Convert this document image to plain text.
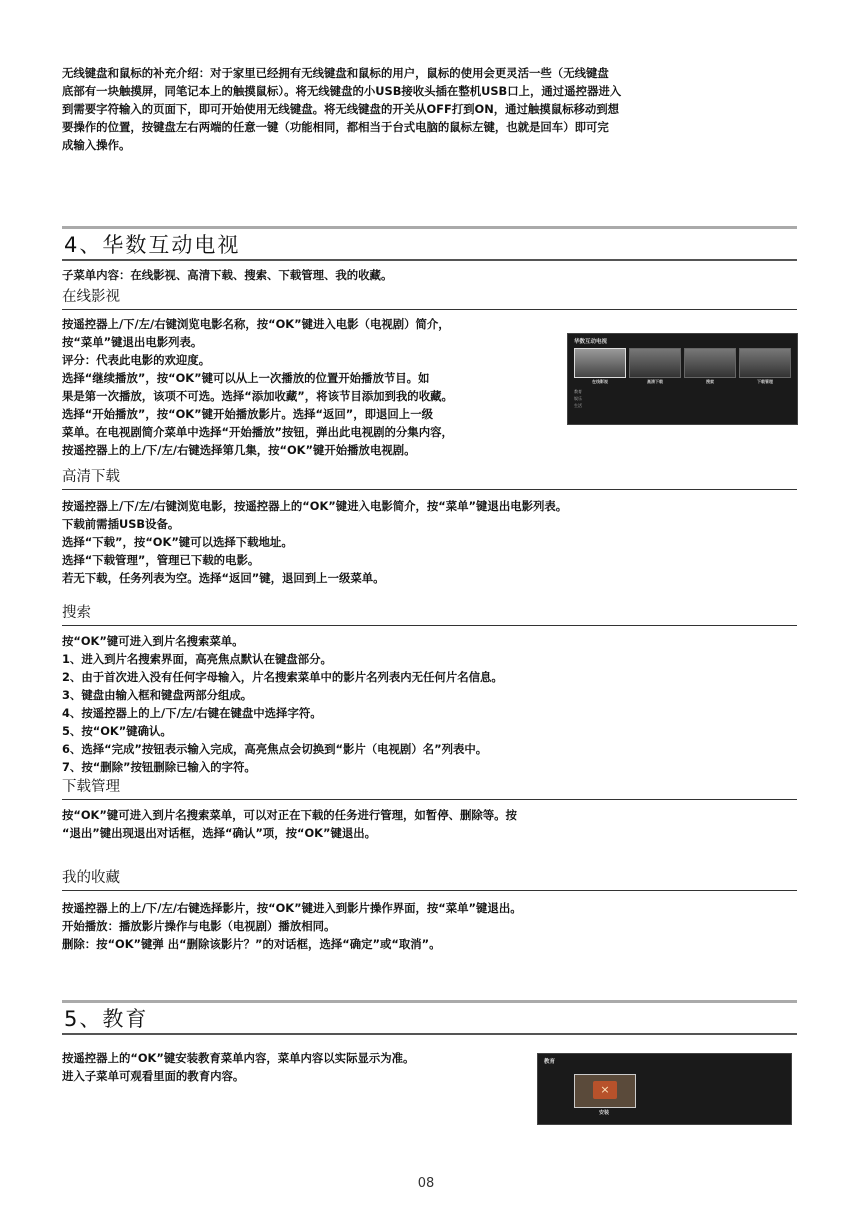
无线键盘和鼠标的补充介绍：对于家里已经拥有无线键盘和鼠标的用户，鼠标的使用会更灵活一些（无线键盘

底部有一块触摸屏，同笔记本上的触摸鼠标）。将无线键盘的小USB接收头插在整机USB口上，通过遥控器进入

到需要字符输入的页面下，即可开始使用无线键盘。将无线键盘的开关从OFF打到ON，通过触摸鼠标移动到想

要操作的位置，按键盘左右两端的任意一键（功能相同，都相当于台式电脑的鼠标左键，也就是回车）即可完

成输入操作。

4、华数互动电视

子菜单内容：在线影视、高清下载、搜索、下载管理、我的收藏。

在线影视

按遥控器上/下/左/右键浏览电影名称，按“OK”键进入电影（电视剧）简介，

按“菜单”键退出电影列表。

评分：代表此电影的欢迎度。

选择“继续播放”，按“OK”键可以从上一次播放的位置开始播放节目。如

果是第一次播放，该项不可选。选择“添加收藏”，将该节目添加到我的收藏。

选择“开始播放”，按“OK”键开始播放影片。选择“返回”，即退回上一级

菜单。在电视剧简介菜单中选择“开始播放”按钮，弹出此电视剧的分集内容，

按遥控器上的上/下/左/右键选择第几集，按“OK”键开始播放电视剧。

华数互动电视
在线影视	高清下载	搜索	下载管理
教育
娱乐
生活
高清下载

按遥控器上/下/左/右键浏览电影，按遥控器上的“OK”键进入电影简介，按“菜单”键退出电影列表。

下载前需插USB设备。

选择“下载”，按“OK”键可以选择下载地址。

选择“下载管理”，管理已下载的电影。

若无下载，任务列表为空。选择“返回”键，退回到上一级菜单。

搜索

按“OK”键可进入到片名搜索菜单。

1、进入到片名搜索界面，高亮焦点默认在键盘部分。

2、由于首次进入没有任何字母输入，片名搜索菜单中的影片名列表内无任何片名信息。

3、键盘由输入框和键盘两部分组成。

4、按遥控器上的上/下/左/右键在键盘中选择字符。

5、按“OK”键确认。

6、选择“完成”按钮表示输入完成，高亮焦点会切换到“影片（电视剧）名”列表中。

7、按“删除”按钮删除已输入的字符。

下载管理

按“OK”键可进入到片名搜索菜单，可以对正在下载的任务进行管理，如暂停、删除等。按

“退出”键出现退出对话框，选择“确认”项，按“OK”键退出。

我的收藏

按遥控器上的上/下/左/右键选择影片，按“OK”键进入到影片操作界面，按“菜单”键退出。

开始播放：播放影片操作与电影（电视剧）播放相同。

删除：按“OK”键弹 出“删除该影片？”的对话框，选择“确定”或“取消”。

5、教育

按遥控器上的“OK”键安装教育菜单内容，菜单内容以实际显示为准。

进入子菜单可观看里面的教育内容。

教育
×
安装
08
